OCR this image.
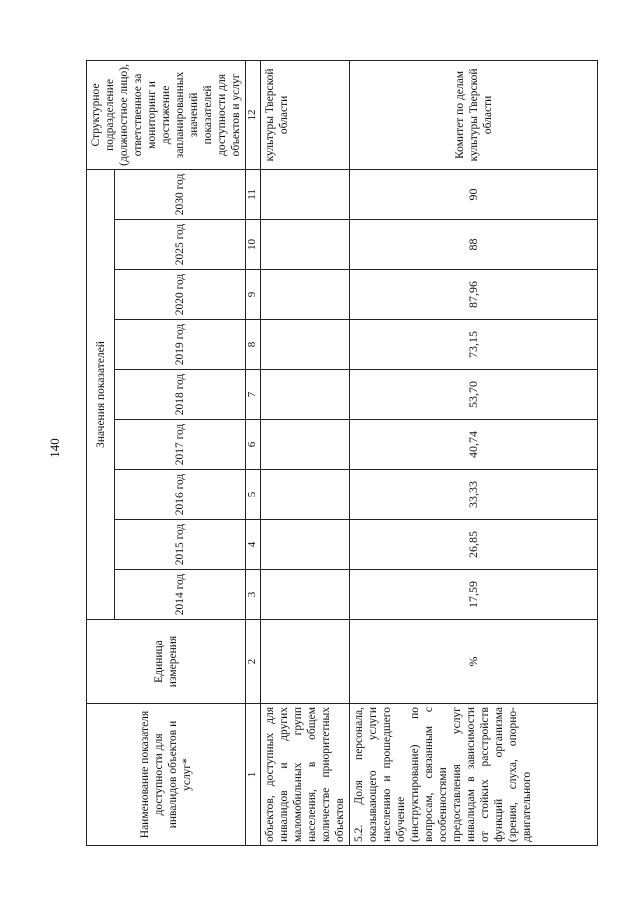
140
Наименование показателя доступности для инвалидов объектов и услуг*	Единица измерения	Значения показателей									Структурное подразделение (должностное лицо), ответственное за мониторинг и достижение запланированных значений показателей доступности для объектов и услуг
		2014 год	2015 год	2016 год	2017 год	2018 год	2019 год	2020 год	2025 год	2030 год	
1	2	3	4	5	6	7	8	9	10	11	12
объектов, доступных для инвалидов и других маломобильных групп населения, в общем количестве приоритетных объектов											культуры Тверской области
5.2. Доля персонала, оказывающего услуги населению и прошедшего обучение (инструктирование) по вопросам, связанным с особенностями предоставления услуг инвалидам в зависимости от стойких расстройств функций организма (зрения, слуха, опорно-двигательного	%	17,59	26,85	33,33	40,74	53,70	73,15	87,96	88	90	Комитет по делам культуры Тверской области
